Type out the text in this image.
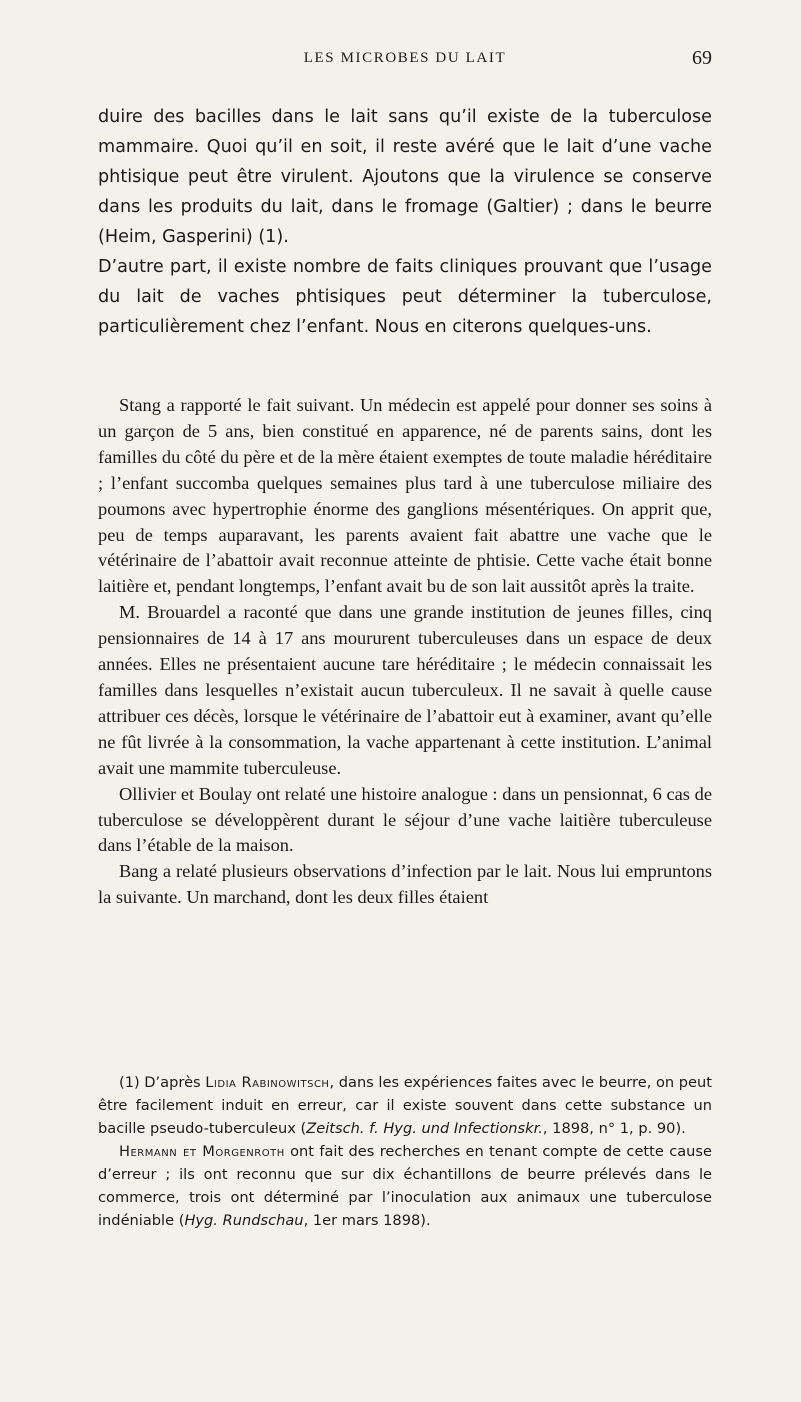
LES MICROBES DU LAIT	69

duire des bacilles dans le lait sans qu’il existe de la tuberculose mammaire. Quoi qu’il en soit, il reste avéré que le lait d’une vache phtisique peut être virulent. Ajoutons que la virulence se conserve dans les produits du lait, dans le fromage (Galtier) ; dans le beurre (Heim, Gasperini) (1).

D’autre part, il existe nombre de faits cliniques prouvant que l’usage du lait de vaches phtisiques peut déterminer la tuberculose, particulièrement chez l’enfant. Nous en citerons quelques-uns.

Stang a rapporté le fait suivant. Un médecin est appelé pour donner ses soins à un garçon de 5 ans, bien constitué en apparence, né de parents sains, dont les familles du côté du père et de la mère étaient exemptes de toute maladie héréditaire ; l’enfant succomba quelques semaines plus tard à une tuberculose miliaire des poumons avec hypertrophie énorme des ganglions mésentériques. On apprit que, peu de temps auparavant, les parents avaient fait abattre une vache que le vétérinaire de l’abattoir avait reconnue atteinte de phtisie. Cette vache était bonne laitière et, pendant longtemps, l’enfant avait bu de son lait aussitôt après la traite.

M. Brouardel a raconté que dans une grande institution de jeunes filles, cinq pensionnaires de 14 à 17 ans moururent tuberculeuses dans un espace de deux années. Elles ne présentaient aucune tare héréditaire ; le médecin connaissait les familles dans lesquelles n’existait aucun tuberculeux. Il ne savait à quelle cause attribuer ces décès, lorsque le vétérinaire de l’abattoir eut à examiner, avant qu’elle ne fût livrée à la consommation, la vache appartenant à cette institution. L’animal avait une mammite tuberculeuse.

Ollivier et Boulay ont relaté une histoire analogue : dans un pensionnat, 6 cas de tuberculose se développèrent durant le séjour d’une vache laitière tuberculeuse dans l’étable de la maison.

Bang a relaté plusieurs observations d’infection par le lait. Nous lui empruntons la suivante. Un marchand, dont les deux filles étaient

(1) D’après Lidia Rabinowitsch, dans les expériences faites avec le beurre, on peut être facilement induit en erreur, car il existe souvent dans cette substance un bacille pseudo-tuberculeux (Zeitsch. f. Hyg. und Infectionskr., 1898, n° 1, p. 90).

Hermann et Morgenroth ont fait des recherches en tenant compte de cette cause d’erreur ; ils ont reconnu que sur dix échantillons de beurre prélevés dans le commerce, trois ont déterminé par l’inoculation aux animaux une tuberculose indéniable (Hyg. Rundschau, 1er mars 1898).
